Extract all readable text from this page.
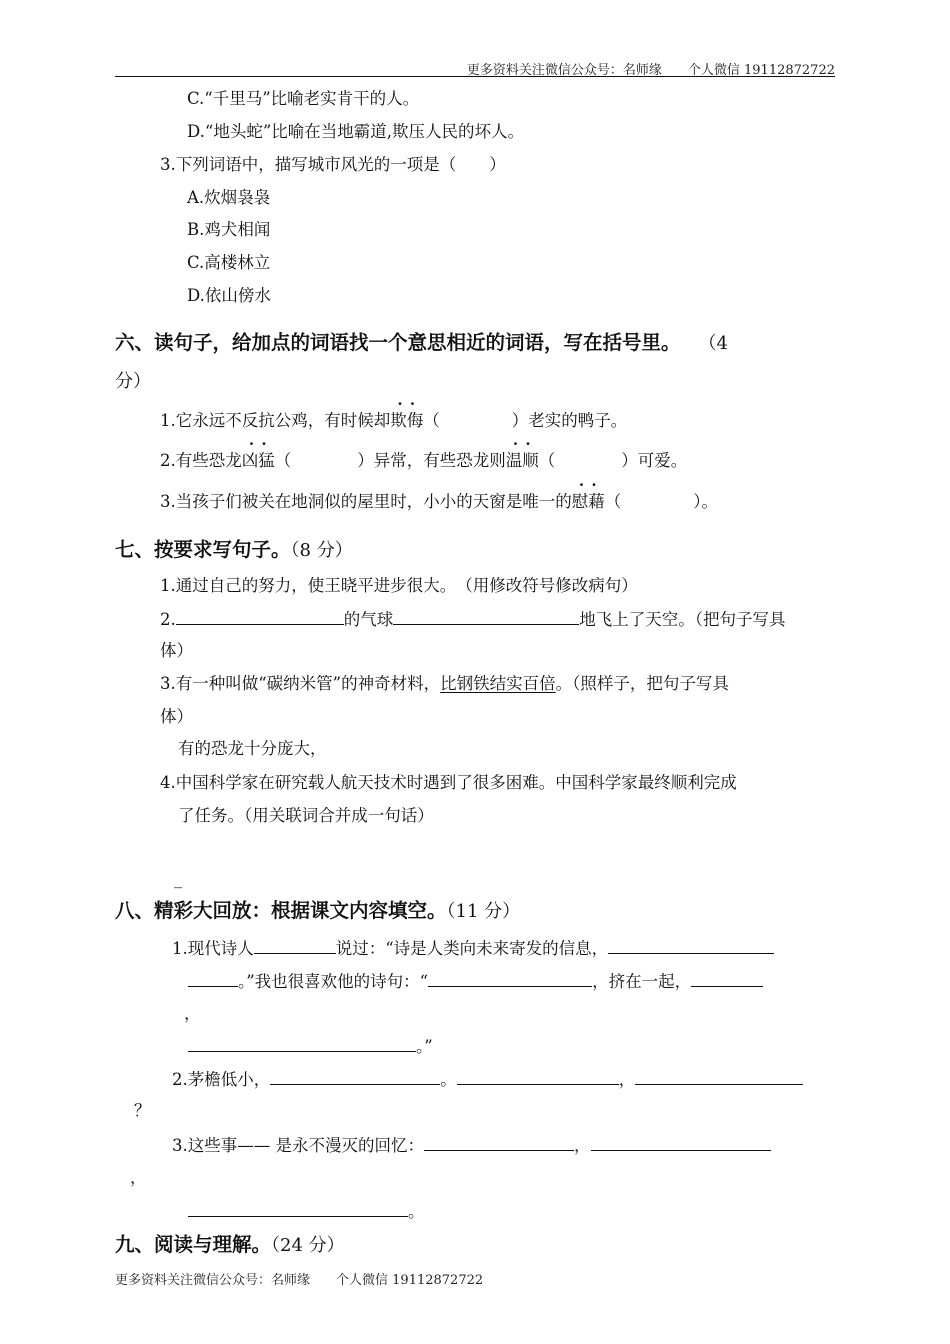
更多资料关注微信公众号：名师缘 个人微信 19112872722
C.“千里马”比喻老实肯干的人。
D.“地头蛇”比喻在当地霸道,欺压人民的坏人。
3.下列词语中，描写城市风光的一项是（　　）
A.炊烟袅袅
B.鸡犬相闻
C.高楼林立
D.依山傍水
六、读句子，给加点的词语找一个意思相近的词语，写在括号里。 （4
分）
1.它永远不反抗公鸡，有时候却· · 欺侮（	）老实的鸭子。
2.有些恐龙· · 凶猛（	）异常，有些恐龙则· · 温顺（	）可爱。
3.当孩子们被关在地洞似的屋里时，小小的天窗是唯一的· · 慰藉（	）。
七、按要求写句子。（8 分）
1.通过自己的努力，使王晓平进步很大。　（用修改符号修改病句）
2.	的气球	地飞上了天空。（把句子写具
体）
3.有一种叫做“碳纳米管”的神奇材料，比钢铁结实百倍。（照样子，把句子写具
体）
有的恐龙十分庞大，
4.中国科学家在研究载人航天技术时遇到了很多困难。中国科学家最终顺利完成
了任务。（用关联词合并成一句话）
_
八、精彩大回放：根据课文内容填空。（11 分）
1.现代诗人	说过：“诗是人类向未来寄发的信息，
。”我也很喜欢他的诗句：“	，挤在一起，
，
。”
2.茅檐低小，	。	，
？
3.这些事—— 是永不漫灭的回忆：	，
，
。
九、阅读与理解。（24 分）
更多资料关注微信公众号：名师缘 个人微信 19112872722
